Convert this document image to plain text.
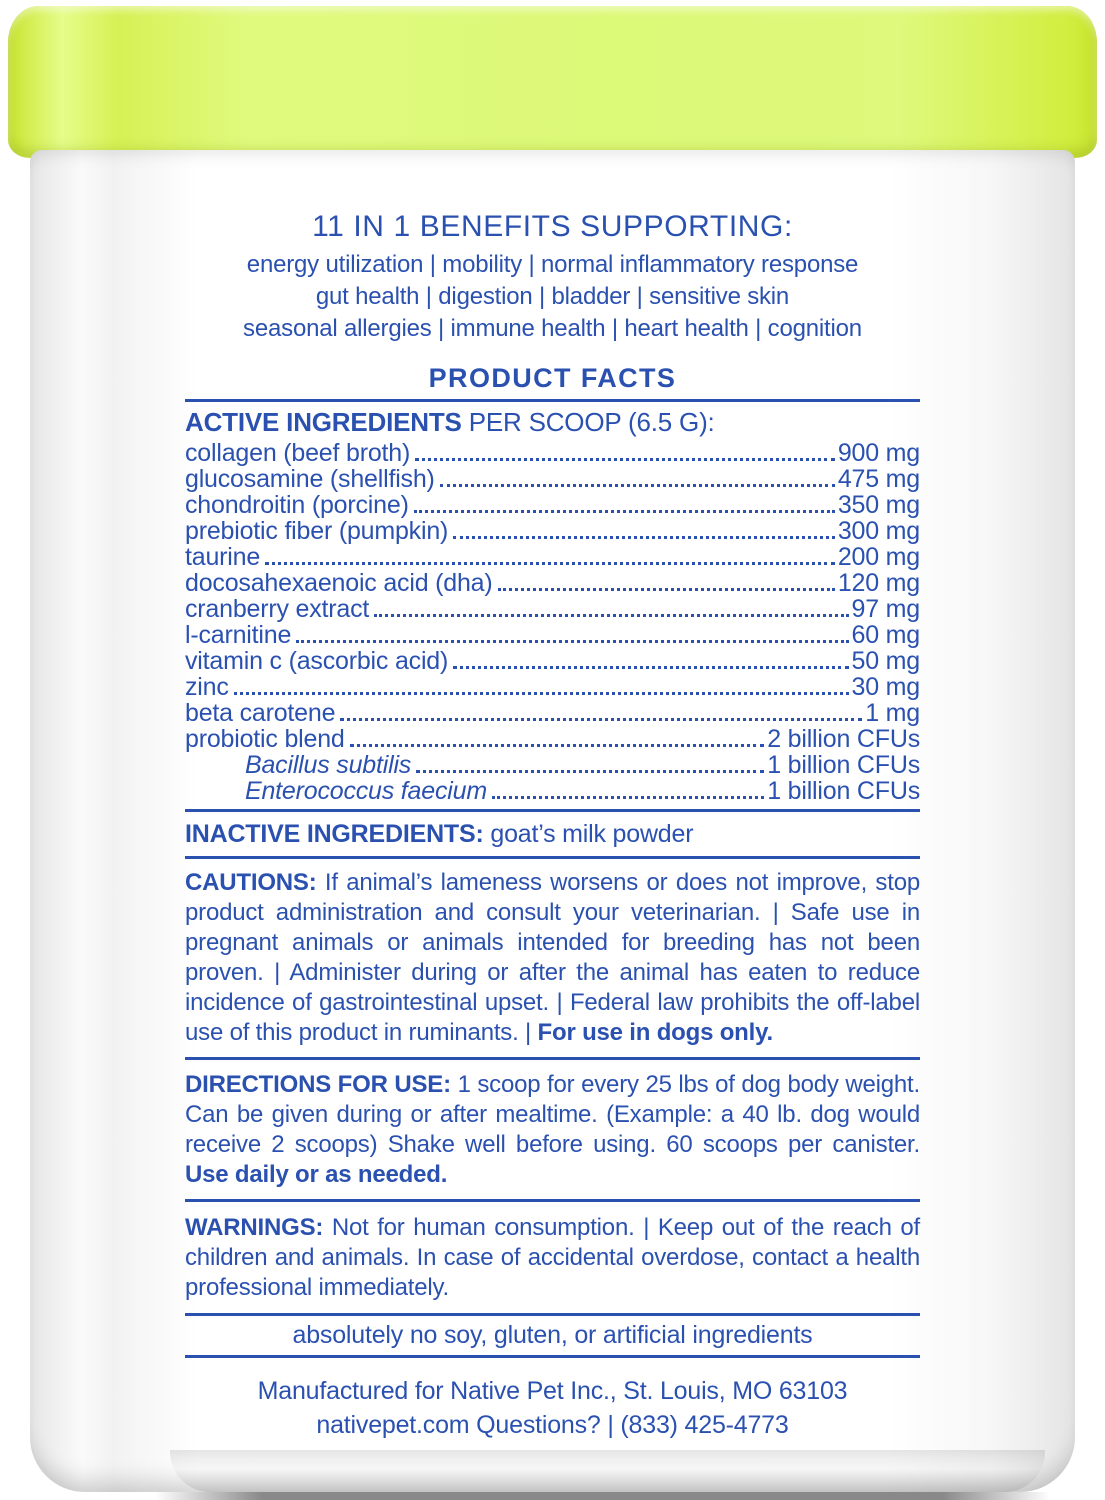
11 IN 1 BENEFITS SUPPORTING:
energy utilization | mobility | normal inflammatory response
gut health | digestion | bladder | sensitive skin
seasonal allergies | immune health | heart health | cognition
PRODUCT FACTS
ACTIVE INGREDIENTS PER SCOOP (6.5 G):
collagen (beef broth)	900 mg
glucosamine (shellfish)	475 mg
chondroitin (porcine)	350 mg
prebiotic fiber (pumpkin)	300 mg
taurine	200 mg
docosahexaenoic acid (dha)	120 mg
cranberry extract	97 mg
l-carnitine	60 mg
vitamin c (ascorbic acid)	50 mg
zinc	30 mg
beta carotene	1 mg
probiotic blend	2 billion CFUs
Bacillus subtilis	1 billion CFUs
Enterococcus faecium	1 billion CFUs
INACTIVE INGREDIENTS: goat’s milk powder

CAUTIONS: If animal’s lameness worsens or does not improve, stop product administration and consult your veterinarian. | Safe use in pregnant animals or animals intended for breeding has not been proven. | Administer during or after the animal has eaten to reduce incidence of gastrointestinal upset. | Federal law prohibits the off-label use of this product in ruminants. | For use in dogs only.

DIRECTIONS FOR USE: 1 scoop for every 25 lbs of dog body weight. Can be given during or after mealtime. (Example: a 40 lb. dog would receive 2 scoops) Shake well before using. 60 scoops per canister. Use daily or as needed.

WARNINGS: Not for human consumption. | Keep out of the reach of children and animals. In case of accidental overdose, contact a health professional immediately.

absolutely no soy, gluten, or artificial ingredients
Manufactured for Native Pet Inc., St. Louis, MO 63103
nativepet.com Questions? | (833) 425-4773
